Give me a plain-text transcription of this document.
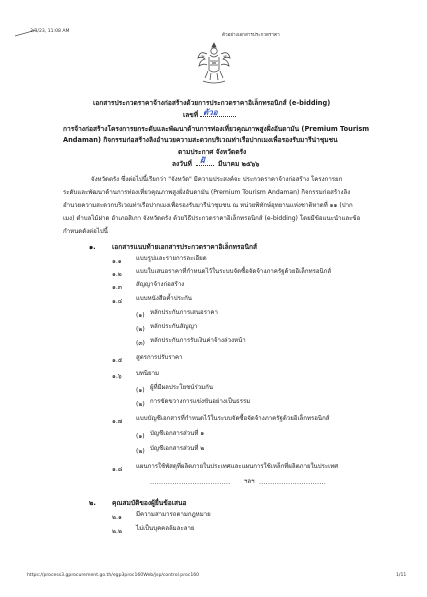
3/3/23, 11:08 AM
ตัวอย่างเอกสารประกวดราคา
เอกสารประกวดราคาจ้างก่อสร้างด้วยการประกวดราคาอิเล็กทรอนิกส์ (e-bidding)
เลขที่ ตัวอ
การจ้างก่อสร้างโครงการยกระดับและพัฒนาด้านการท่องเที่ยวคุณภาพสูงฝั่งอันดามัน (Premium Tourism
Andaman) กิจกรรมก่อสร้างลิงอำนวยความสะดวกบริเวณท่าเรือปากเมงเพื่อรองรับมารีน่าชุมชน
ตามประกาศ จังหวัดตรัง
ลงวันที่ ฝั มีนาคม ๒๕๖๖
จังหวัดตรัง ซึ่งต่อไปนี้เรียกว่า "จังหวัด" มีความประสงค์จะ ประกวดราคาจ้างก่อสร้าง โครงการยก
ระดับและพัฒนาด้านการท่องเที่ยวคุณภาพสูงฝั่งอันดามัน (Premium Tourism Andaman) กิจกรรมก่อสร้างลิง
อำนวยความสะดวกบริเวณท่าเรือปากเมงเพื่อรองรับมารีน่าชุมชน ณ หน่วยพิทักษ์อุทยานแห่งชาติหาดที่ ๑๑ (ปาก
เมง) ตำบลไม้ฝาด อำเภอสิเกา จังหวัดตรัง ด้วยวิธีประกวดราคาอิเล็กทรอนิกส์ (e-bidding) โดยมีข้อแนะนำและข้อ
กำหนดดังต่อไปนี้
๑. เอกสารแนบท้ายเอกสารประกวดราคาอิเล็กทรอนิกส์
๑.๑ แบบรูปและรายการละเอียด
๑.๒ แบบใบเสนอราคาที่กำหนดไว้ในระบบจัดซื้อจัดจ้างภาครัฐด้วยอิเล็กทรอนิกส์
๑.๓ สัญญาจ้างก่อสร้าง
๑.๔ แบบหนังสือค้ำประกัน
(๑) หลักประกันการเสนอราคา
(๒) หลักประกันสัญญา
(๓) หลักประกันการรับเงินค่าจ้างล่วงหน้า
๑.๕ สูตรการปรับราคา
๑.๖ บทนิยาม
(๑) ผู้ที่มีผลประโยชน์ร่วมกัน
(๒) การขัดขวางการแข่งขันอย่างเป็นธรรม
๑.๗ แบบบัญชีเอกสารที่กำหนดไว้ในระบบจัดซื้อจัดจ้างภาครัฐด้วยอิเล็กทรอนิกส์
(๑) บัญชีเอกสารส่วนที่ ๑
(๒) บัญชีเอกสารส่วนที่ ๒
๑.๘ แผนการใช้พัสดุที่ผลิตภายในประเทศและแผนการใช้เหล็กที่ผลิตภายในประเทศ
.................................... ฯลฯ ..............................
๒. คุณสมบัติของผู้ยื่นข้อเสนอ
๒.๑ มีความสามารถตามกฎหมาย
๒.๒ ไม่เป็นบุคคลล้มละลาย
https://process3.gprocurement.go.th/egp3proc160Web/jsp/control.proc160	1/11
